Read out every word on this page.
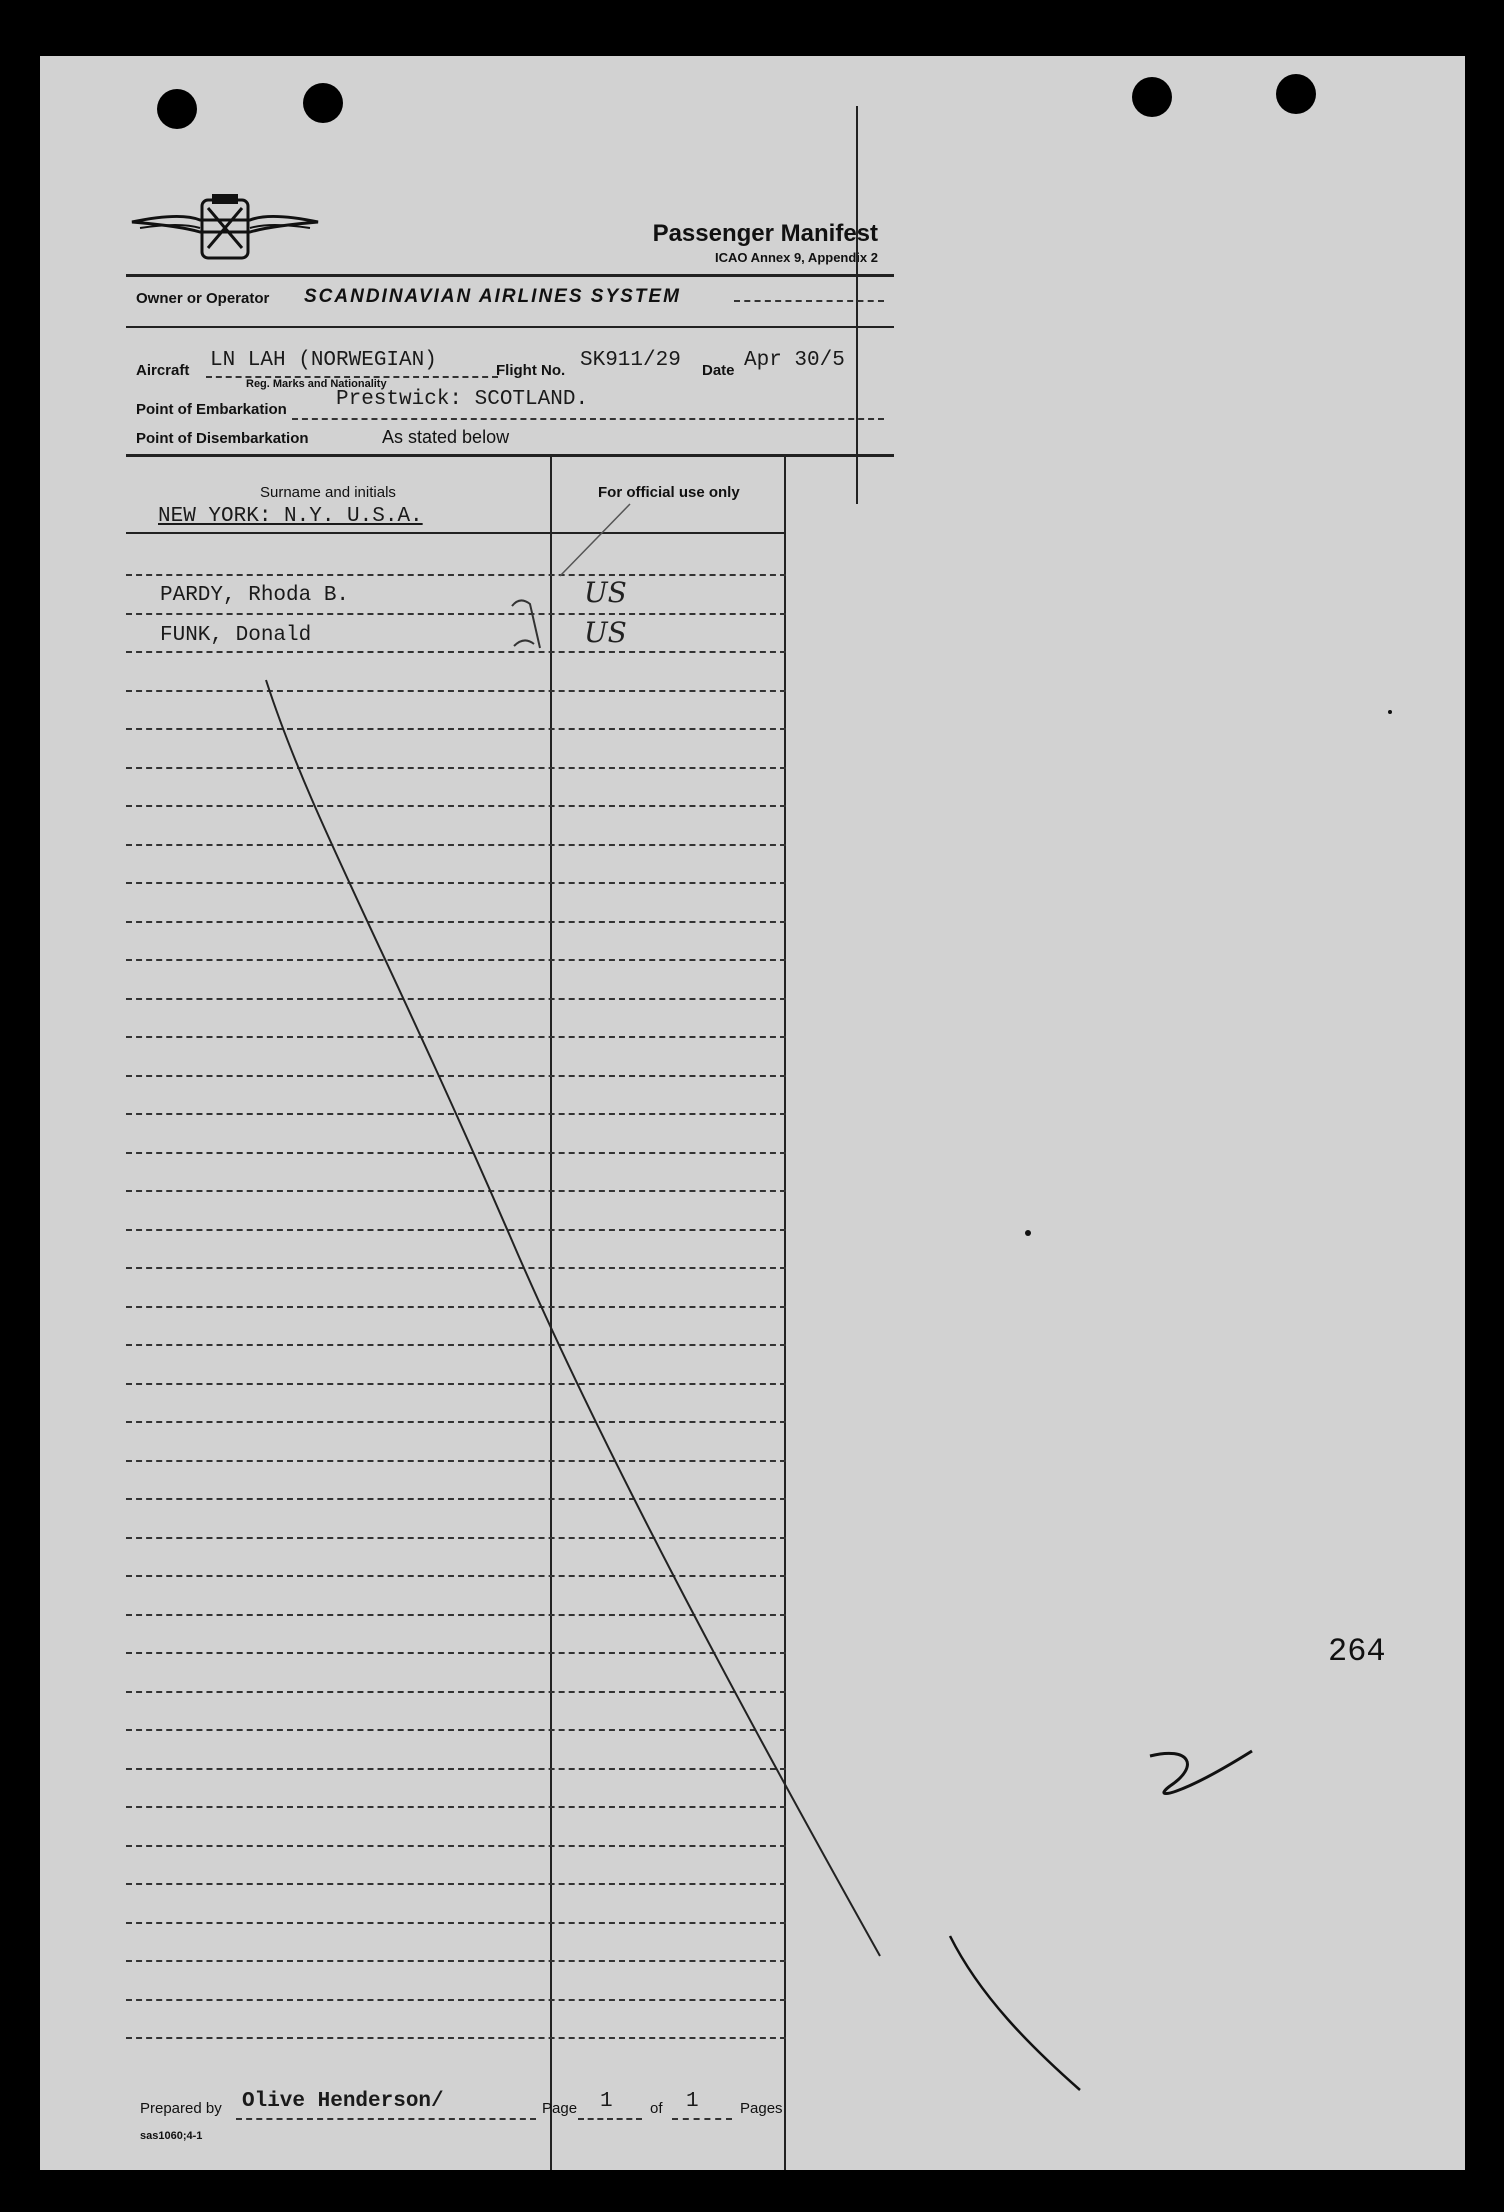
Passenger Manifest
ICAO Annex 9, Appendix 2
Owner or Operator SCANDINAVIAN AIRLINES SYSTEM
Aircraft LN LAH (NORWEGIAN)
Reg. Marks and Nationality
Flight No. SK911/29 Date Apr 30/5
Point of Embarkation Prestwick: SCOTLAND.
Point of Disembarkation	As stated below
Surname and initials	For official use only
NEW YORK: N.Y. U.S.A.
PARDY, Rhoda B.	US
FUNK, Donald	US
Prepared by Olive Henderson/	Page 1 of 1	Pages
sas1060;4-1
264
